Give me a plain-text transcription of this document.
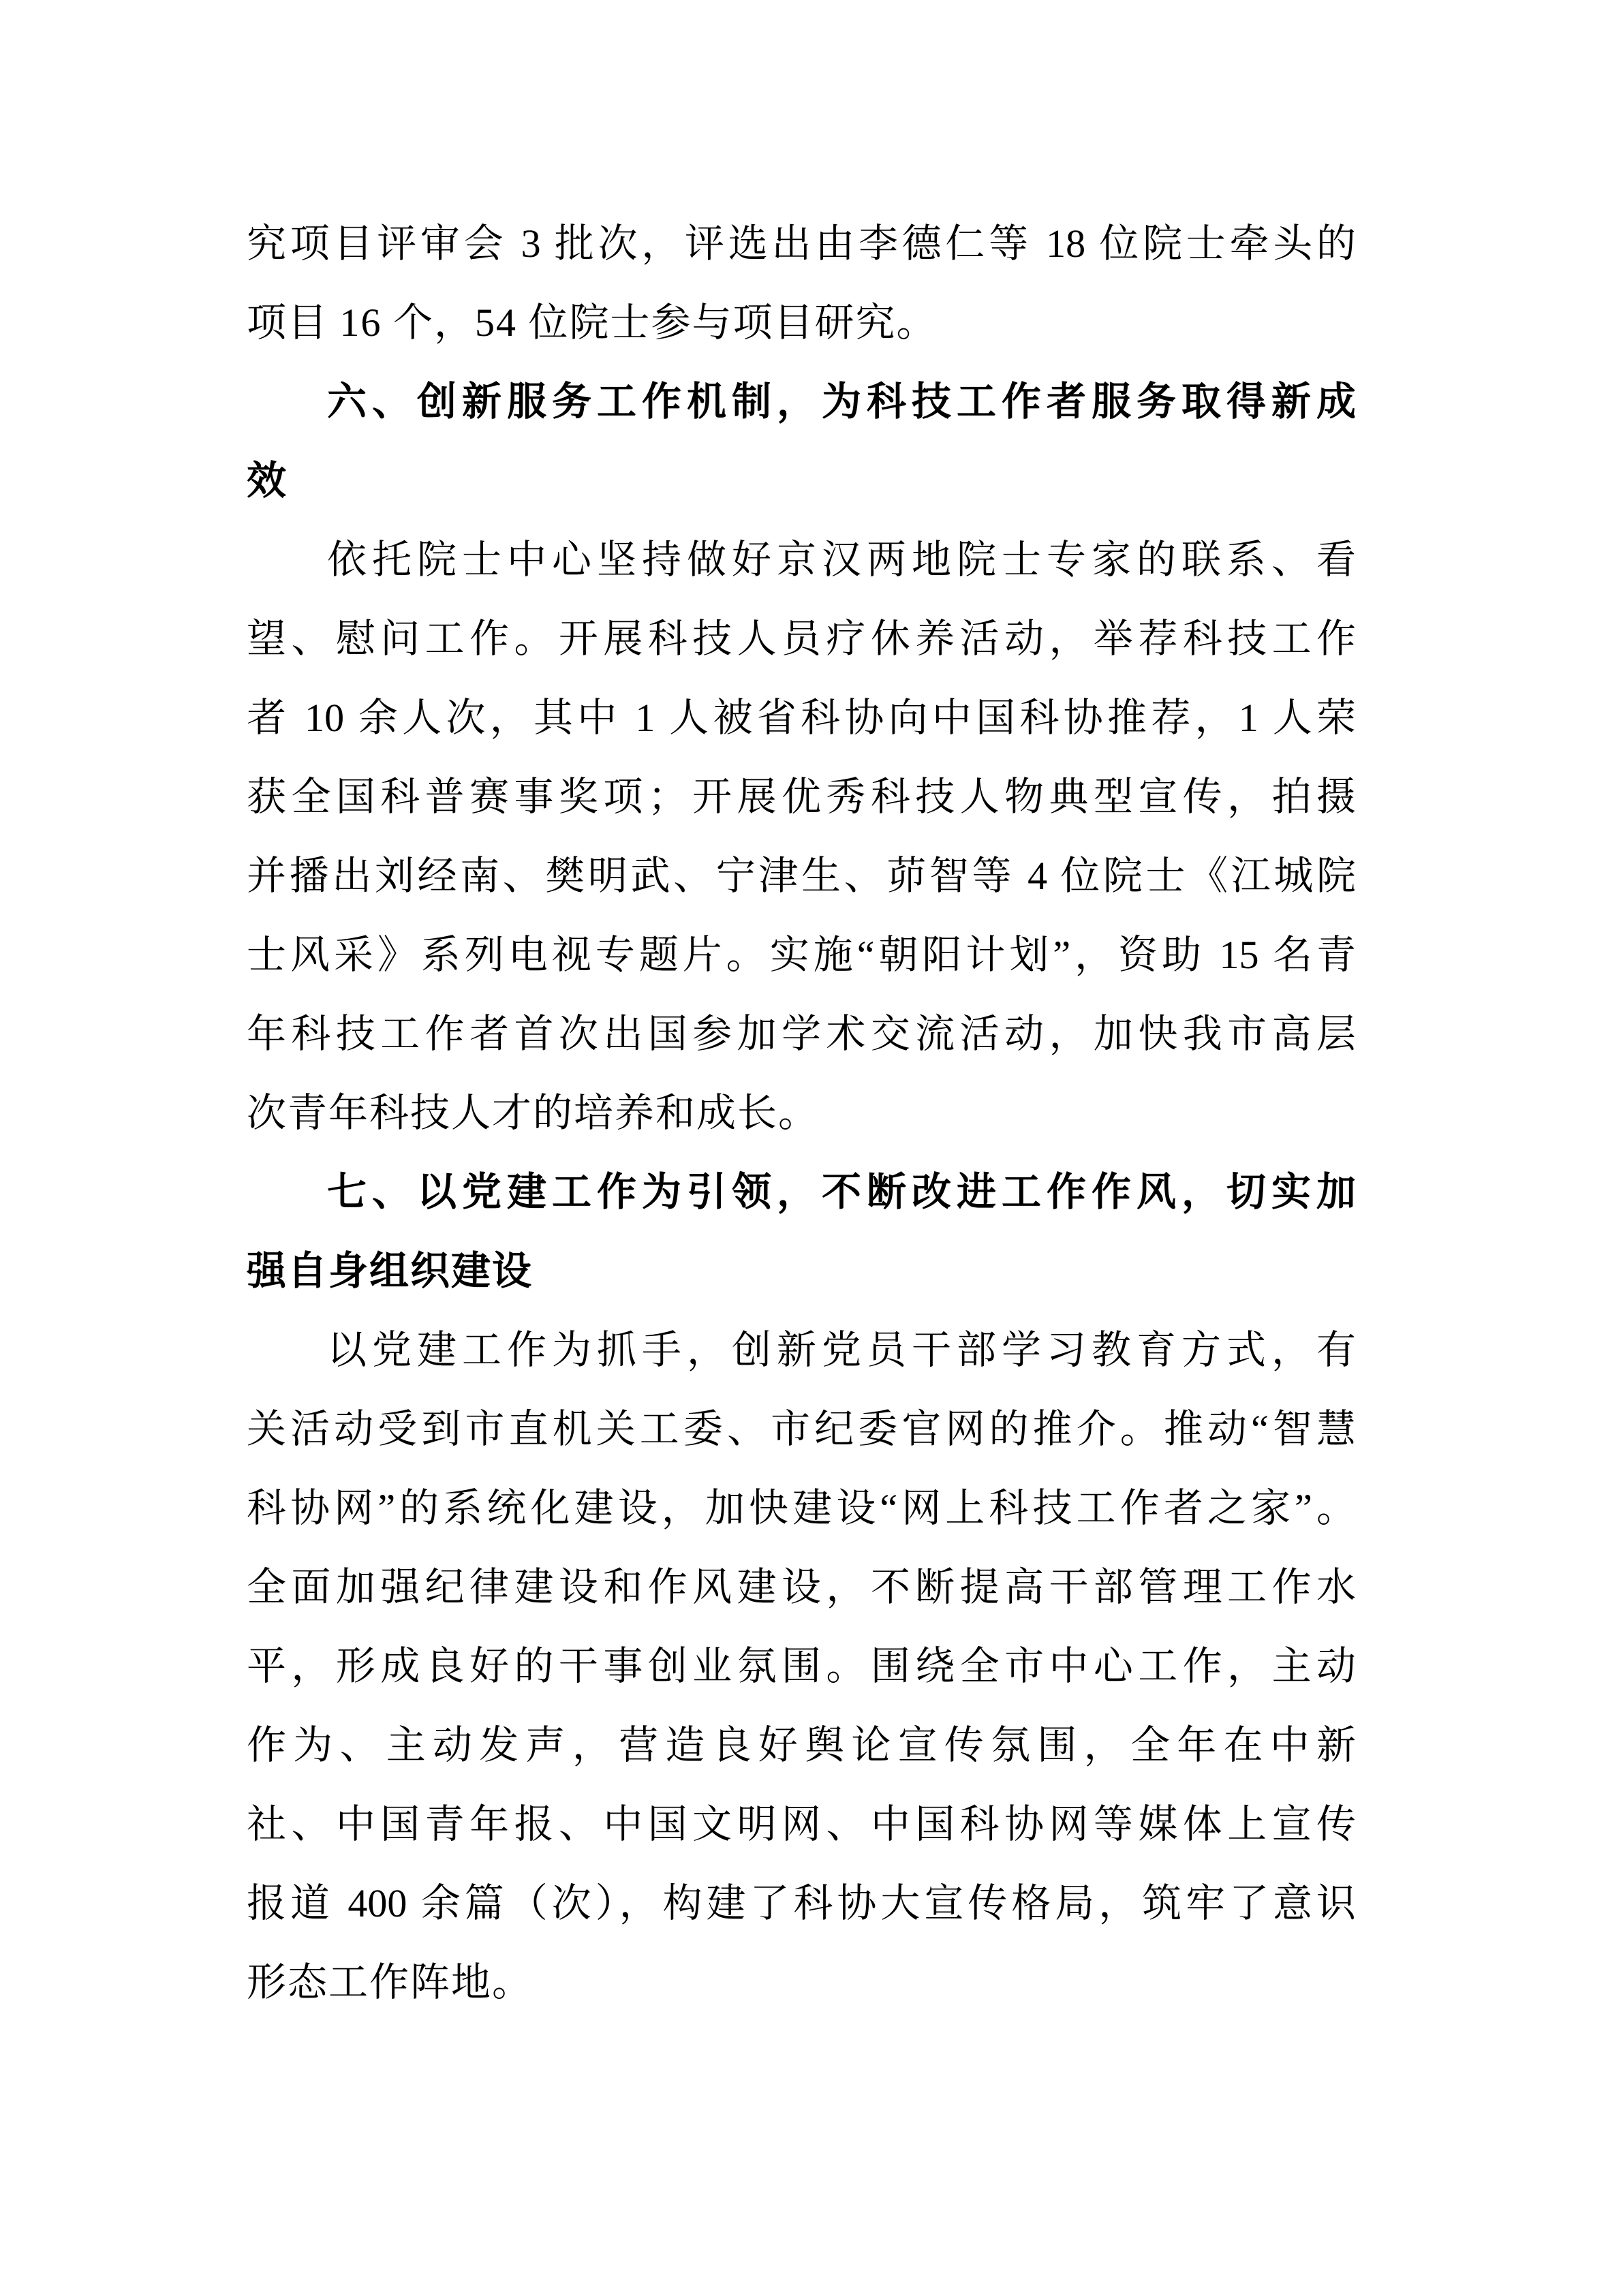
究项目评审会 3 批次，评选出由李德仁等 18 位院士牵头的
项目 16 个，54 位院士参与项目研究。
六、创新服务工作机制，为科技工作者服务取得新成
效
依托院士中心坚持做好京汉两地院士专家的联系、看
望、慰问工作。开展科技人员疗休养活动，举荐科技工作
者 10 余人次，其中 1 人被省科协向中国科协推荐，1 人荣
获全国科普赛事奖项；开展优秀科技人物典型宣传，拍摄
并播出刘经南、樊明武、宁津生、茆智等 4 位院士《江城院
士风采》系列电视专题片。实施“朝阳计划”，资助 15 名青
年科技工作者首次出国参加学术交流活动，加快我市高层
次青年科技人才的培养和成长。
七、以党建工作为引领，不断改进工作作风，切实加
强自身组织建设
以党建工作为抓手，创新党员干部学习教育方式，有
关活动受到市直机关工委、市纪委官网的推介。推动“智慧
科协网”的系统化建设，加快建设“网上科技工作者之家”。
全面加强纪律建设和作风建设，不断提高干部管理工作水
平，形成良好的干事创业氛围。围绕全市中心工作，主动
作为、主动发声，营造良好舆论宣传氛围，全年在中新
社、中国青年报、中国文明网、中国科协网等媒体上宣传
报道 400 余篇（次），构建了科协大宣传格局，筑牢了意识
形态工作阵地。
